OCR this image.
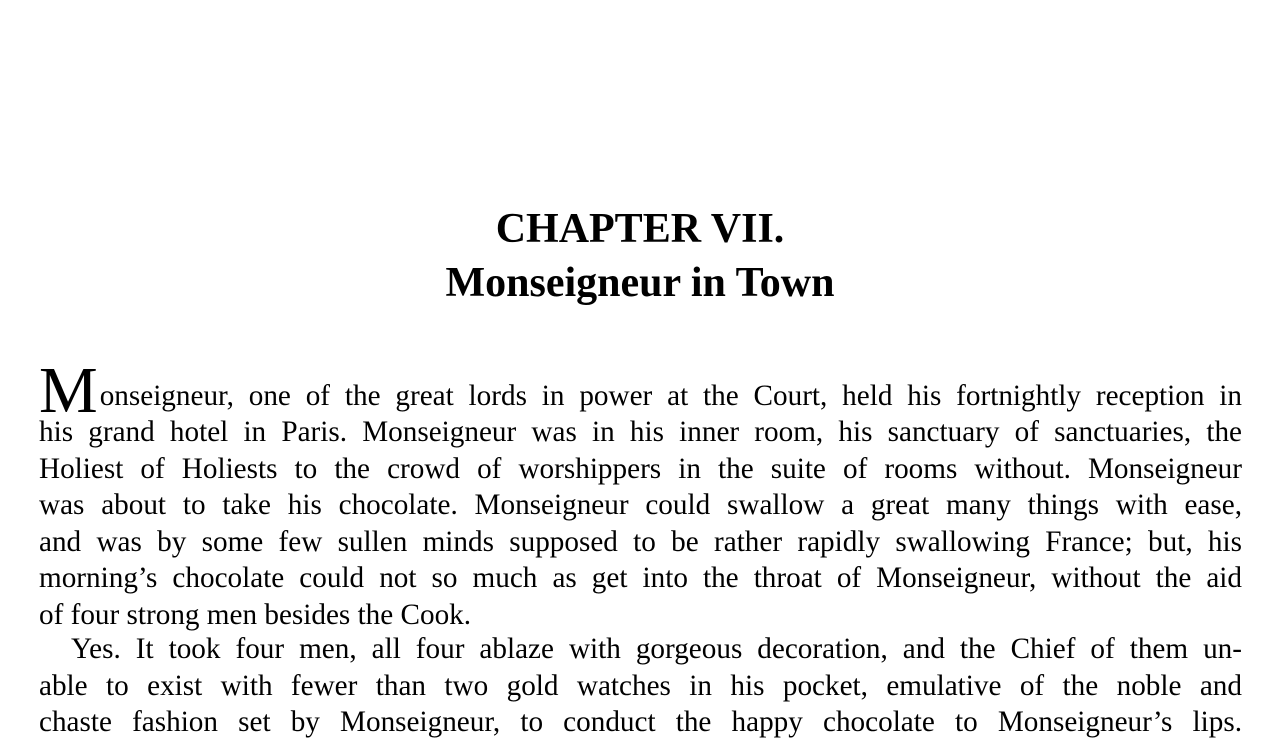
CHAPTER VII.
Monseigneur in Town
M onseigneur, one of the great lords in power at the Court, held his fortnightly reception in
his grand hotel in Paris. Monseigneur was in his inner room, his sanctuary of sanctuaries, the
Holiest of Holiests to the crowd of worshippers in the suite of rooms without. Monseigneur
was about to take his chocolate. Monseigneur could swallow a great many things with ease,
and was by some few sullen minds supposed to be rather rapidly swallowing France; but, his
morning’s chocolate could not so much as get into the throat of Monseigneur, without the aid
of four strong men besides the Cook.
Yes. It took four men, all four ablaze with gorgeous decoration, and the Chief of them un-
able to exist with fewer than two gold watches in his pocket, emulative of the noble and
chaste fashion set by Monseigneur, to conduct the happy chocolate to Monseigneur’s lips.
